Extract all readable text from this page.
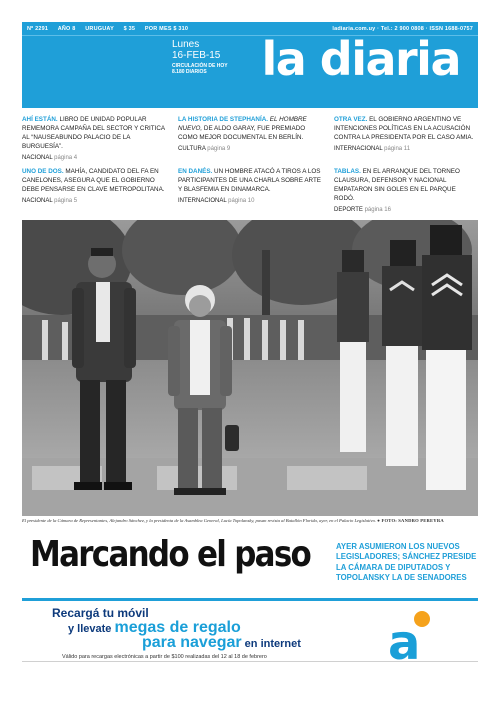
Nº 2291 AÑO 8 URUGUAY $ 35 POR MES $ 310	ladiaria.com.uy · Tel.: 2 900 0808 · ISSN 1688-0757
Lunes
16-FEB-15
CIRCULACIÓN DE HOY
8.180 DIARIOS	la diaria
AHÍ ESTÁN. LIBRO DE UNIDAD POPULAR REMEMORA CAMPAÑA DEL SECTOR Y CRITICA AL “NAUSEABUNDO PALACIO DE LA BURGUESÍA”.
NACIONAL página 4
LA HISTORIA DE STEPHANÍA. EL HOMBRE NUEVO, DE ALDO GARAY, FUE PREMIADO COMO MEJOR DOCUMENTAL EN BERLÍN.
CULTURA página 9
OTRA VEZ. EL GOBIERNO ARGENTINO VE INTENCIONES POLÍTICAS EN LA ACUSACIÓN CONTRA LA PRESIDENTA POR EL CASO AMIA.
INTERNACIONAL página 11
UNO DE DOS. MAHÍA, CANDIDATO DEL FA EN CANELONES, ASEGURA QUE EL GOBIERNO DEBE PENSARSE EN CLAVE METROPOLITANA.
NACIONAL página 5
EN DANÉS. UN HOMBRE ATACÓ A TIROS A LOS PARTICIPANTES DE UNA CHARLA SOBRE ARTE Y BLASFEMIA EN DINAMARCA.
INTERNACIONAL página 10
TABLAS. EN EL ARRANQUE DEL TORNEO CLAUSURA, DEFENSOR Y NACIONAL EMPATARON SIN GOLES EN EL PARQUE RODÓ.
DEPORTE página 16
El presidente de la Cámara de Representantes, Alejandro Sánchez, y la presidenta de la Asamblea General, Lucía Topolansky, pasan revista al Batallón Florida, ayer, en el Palacio Legislativo. ● FOTO: SANDRO PEREYRA
Marcando el paso	AYER ASUMIERON LOS NUEVOS LEGISLADORES; SÁNCHEZ PRESIDE LA CÁMARA DE DIPUTADOS Y TOPOLANSKY LA DE SENADORES
Recargá tu móvil
y llevate megas de regalo
para navegar en internet
Válido para recargas electrónicas a partir de $100 realizadas del 12 al 18 de febrero	a
